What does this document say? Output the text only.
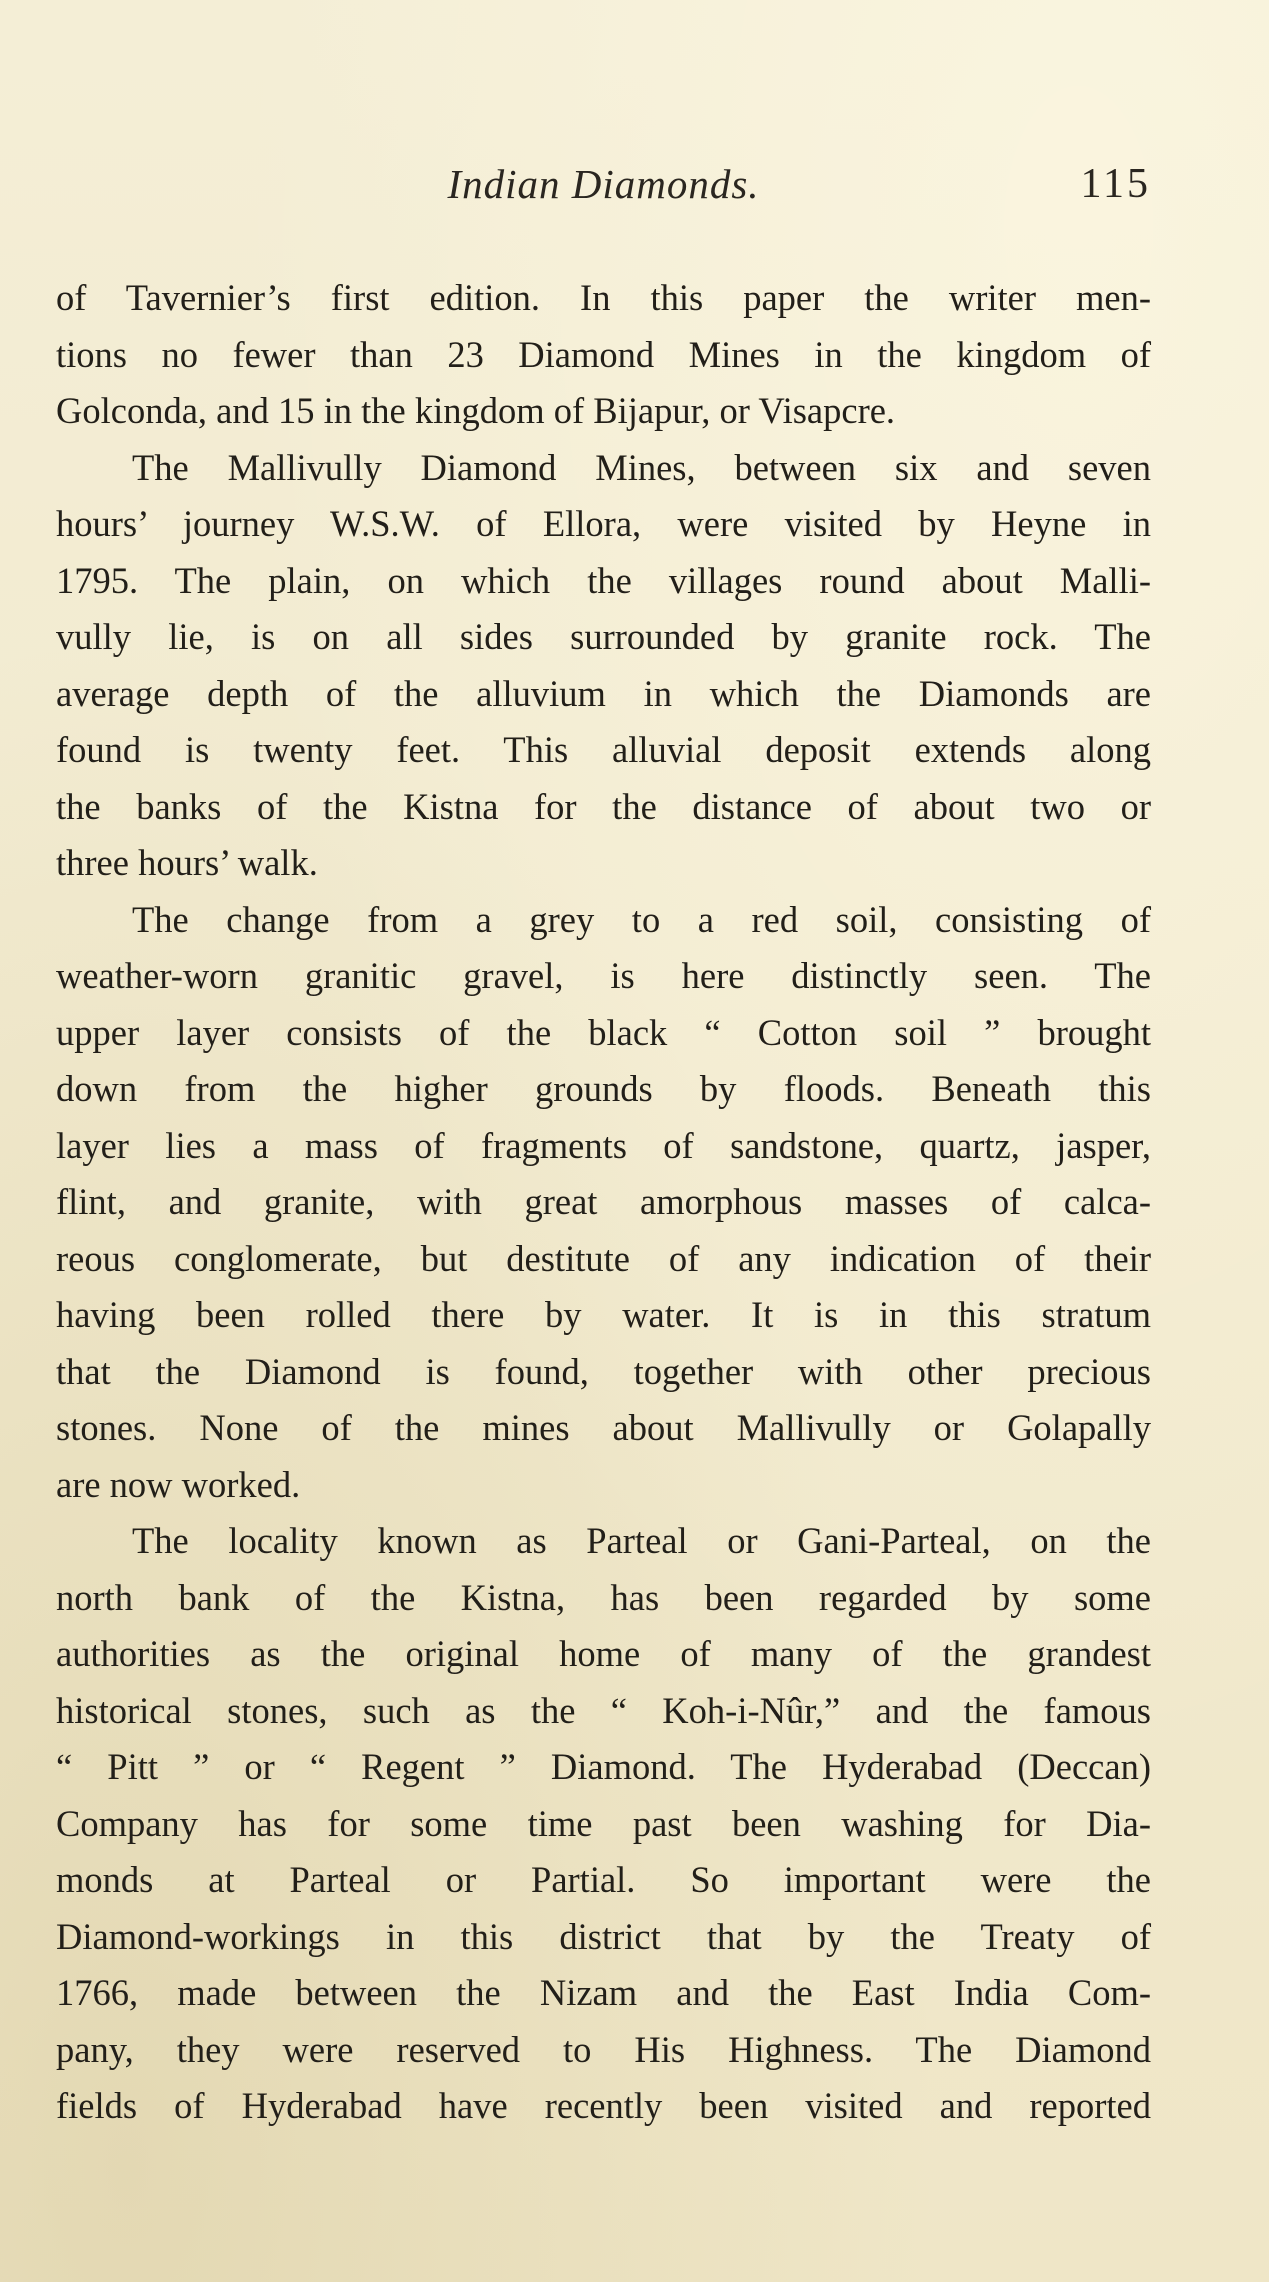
Indian Diamonds.	115
of Tavernier’s first edition. In this paper the writer men-
tions no fewer than 23 Diamond Mines in the kingdom of
Golconda, and 15 in the kingdom of Bijapur, or Visapcre.
The Mallivully Diamond Mines, between six and seven
hours’ journey W.S.W. of Ellora, were visited by Heyne in
1795. The plain, on which the villages round about Malli-
vully lie, is on all sides surrounded by granite rock. The
average depth of the alluvium in which the Diamonds are
found is twenty feet. This alluvial deposit extends along
the banks of the Kistna for the distance of about two or
three hours’ walk.
The change from a grey to a red soil, consisting of
weather-worn granitic gravel, is here distinctly seen. The
upper layer consists of the black “ Cotton soil ” brought
down from the higher grounds by floods. Beneath this
layer lies a mass of fragments of sandstone, quartz, jasper,
flint, and granite, with great amorphous masses of calca-
reous conglomerate, but destitute of any indication of their
having been rolled there by water. It is in this stratum
that the Diamond is found, together with other precious
stones. None of the mines about Mallivully or Golapally
are now worked.
The locality known as Parteal or Gani-Parteal, on the
north bank of the Kistna, has been regarded by some
authorities as the original home of many of the grandest
historical stones, such as the “ Koh-i-Nûr,” and the famous
“ Pitt ” or “ Regent ” Diamond. The Hyderabad (Deccan)
Company has for some time past been washing for Dia-
monds at Parteal or Partial. So important were the
Diamond-workings in this district that by the Treaty of
1766, made between the Nizam and the East India Com-
pany, they were reserved to His Highness. The Diamond
fields of Hyderabad have recently been visited and reported
